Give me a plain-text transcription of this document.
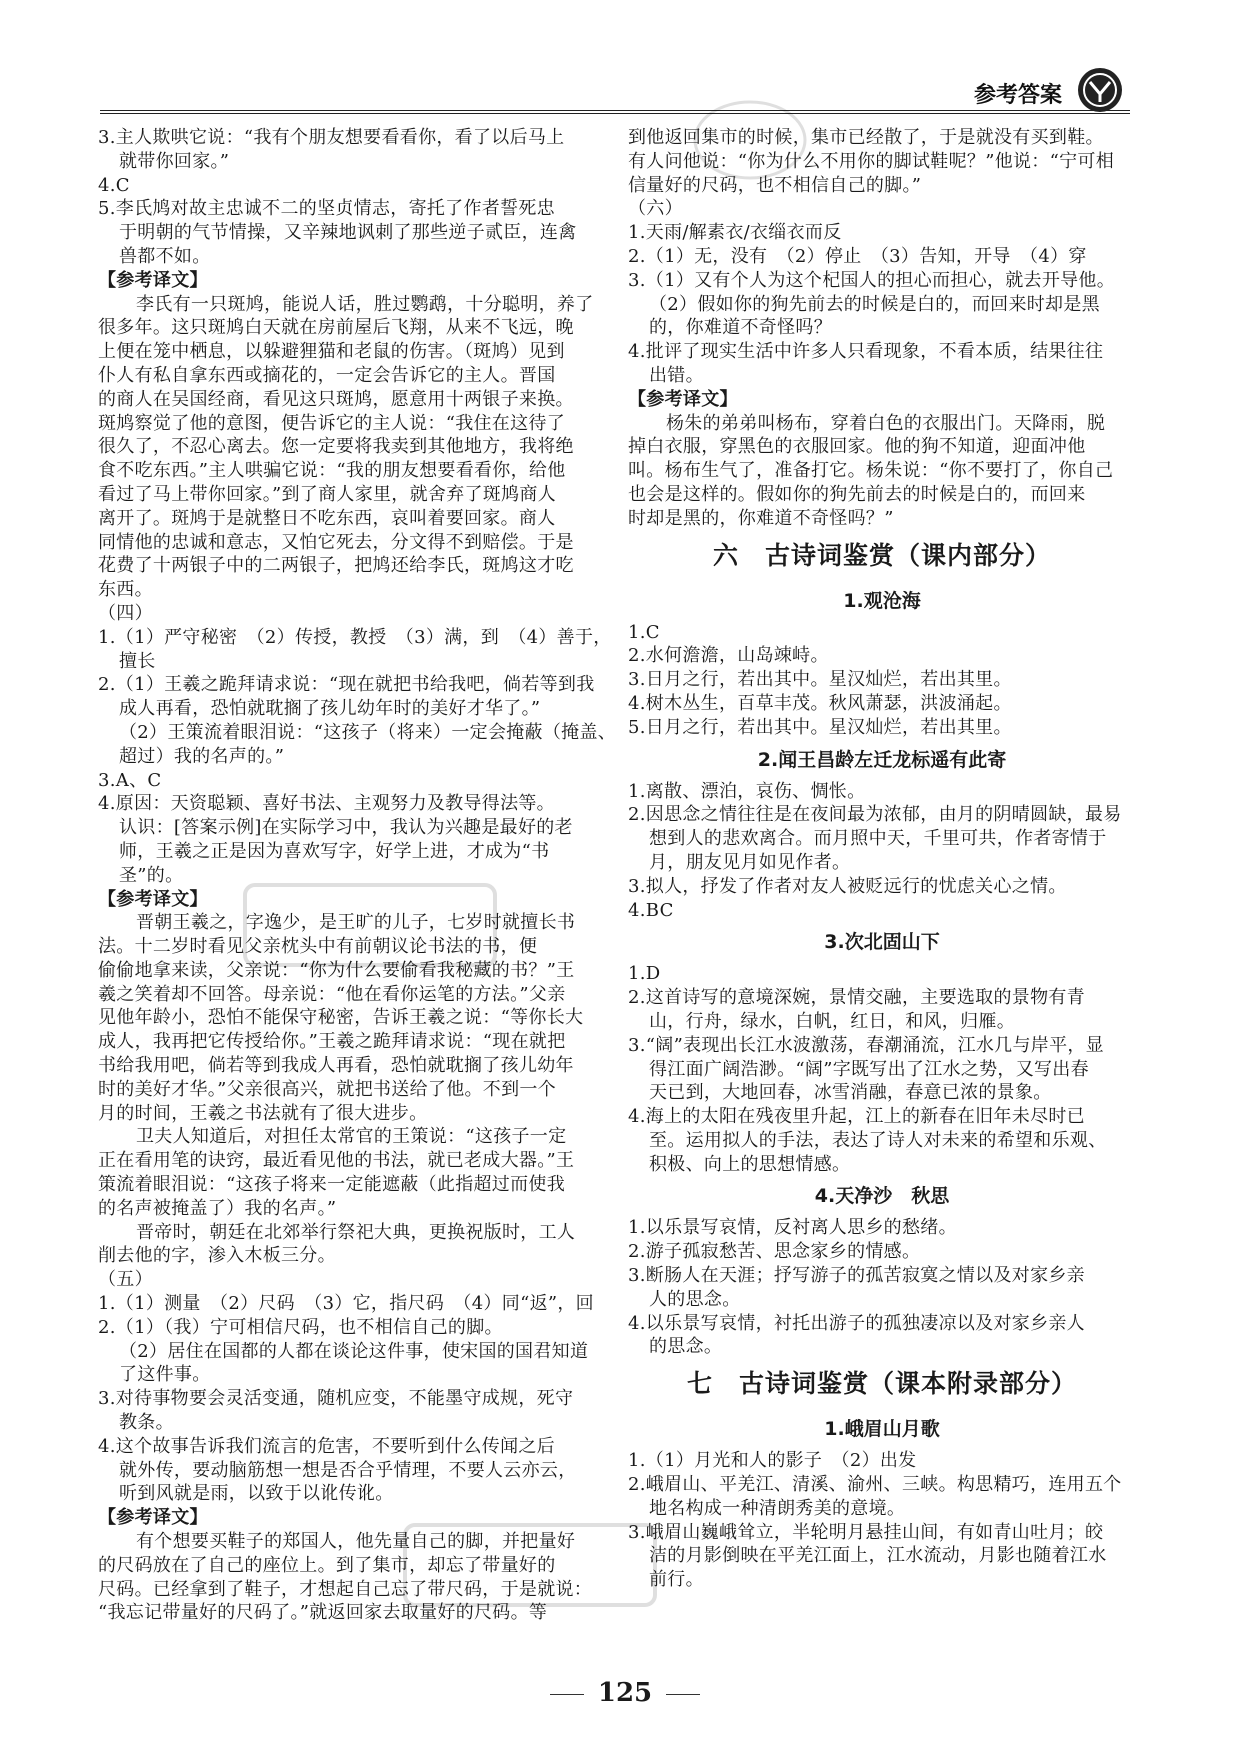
参考答案
3.主人欺哄它说：“我有个朋友想要看看你，看了以后马上
就带你回家。”
4.C
5.李氏鸠对故主忠诚不二的坚贞情志，寄托了作者誓死忠
于明朝的气节情操，又辛辣地讽刺了那些逆子贰臣，连禽
兽都不如。
【参考译文】
李氏有一只斑鸠，能说人话，胜过鹦鹉，十分聪明，养了
很多年。这只斑鸠白天就在房前屋后飞翔，从来不飞远，晚
上便在笼中栖息，以躲避狸猫和老鼠的伤害。（斑鸠）见到
仆人有私自拿东西或摘花的，一定会告诉它的主人。晋国
的商人在吴国经商，看见这只斑鸠，愿意用十两银子来换。
斑鸠察觉了他的意图，便告诉它的主人说：“我住在这待了
很久了，不忍心离去。您一定要将我卖到其他地方，我将绝
食不吃东西。”主人哄骗它说：“我的朋友想要看看你，给他
看过了马上带你回家。”到了商人家里，就舍弃了斑鸠商人
离开了。斑鸠于是就整日不吃东西，哀叫着要回家。商人
同情他的忠诚和意志，又怕它死去，分文得不到赔偿。于是
花费了十两银子中的二两银子，把鸠还给李氏，斑鸠这才吃
东西。
（四）
1.（1）严守秘密　（2）传授，教授　（3）满，到　（4）善于，
擅长
2.（1）王羲之跪拜请求说：“现在就把书给我吧，倘若等到我
成人再看，恐怕就耽搁了孩儿幼年时的美好才华了。”
（2）王策流着眼泪说：“这孩子（将来）一定会掩蔽（掩盖、
超过）我的名声的。”
3.A、C
4.原因：天资聪颖、喜好书法、主观努力及教导得法等。
认识：[答案示例]在实际学习中，我认为兴趣是最好的老
师，王羲之正是因为喜欢写字，好学上进，才成为“书
圣”的。
【参考译文】
晋朝王羲之，字逸少，是王旷的儿子，七岁时就擅长书
法。十二岁时看见父亲枕头中有前朝议论书法的书，便
偷偷地拿来读，父亲说：“你为什么要偷看我秘藏的书？”王
羲之笑着却不回答。母亲说：“他在看你运笔的方法。”父亲
见他年龄小，恐怕不能保守秘密，告诉王羲之说：“等你长大
成人，我再把它传授给你。”王羲之跪拜请求说：“现在就把
书给我用吧，倘若等到我成人再看，恐怕就耽搁了孩儿幼年
时的美好才华。”父亲很高兴，就把书送给了他。不到一个
月的时间，王羲之书法就有了很大进步。
卫夫人知道后，对担任太常官的王策说：“这孩子一定
正在看用笔的诀窍，最近看见他的书法，就已老成大器。”王
策流着眼泪说：“这孩子将来一定能遮蔽（此指超过而使我
的名声被掩盖了）我的名声。”
晋帝时，朝廷在北郊举行祭祀大典，更换祝版时，工人
削去他的字，渗入木板三分。
（五）
1.（1）测量　（2）尺码　（3）它，指尺码　（4）同“返”，回
2.（1）（我）宁可相信尺码，也不相信自己的脚。
（2）居住在国都的人都在谈论这件事，使宋国的国君知道
了这件事。
3.对待事物要会灵活变通，随机应变，不能墨守成规，死守
教条。
4.这个故事告诉我们流言的危害，不要听到什么传闻之后
就外传，要动脑筋想一想是否合乎情理，不要人云亦云，
听到风就是雨，以致于以讹传讹。
【参考译文】
有个想要买鞋子的郑国人，他先量自己的脚，并把量好
的尺码放在了自己的座位上。到了集市，却忘了带量好的
尺码。已经拿到了鞋子，才想起自己忘了带尺码，于是就说：
“我忘记带量好的尺码了。”就返回家去取量好的尺码。等
到他返回集市的时候，集市已经散了，于是就没有买到鞋。
有人问他说：“你为什么不用你的脚试鞋呢？”他说：“宁可相
信量好的尺码，也不相信自己的脚。”
（六）
1.天雨/解素衣/衣缁衣而反
2.（1）无，没有　（2）停止　（3）告知，开导　（4）穿
3.（1）又有个人为这个杞国人的担心而担心，就去开导他。
（2）假如你的狗先前去的时候是白的，而回来时却是黑
的，你难道不奇怪吗？
4.批评了现实生活中许多人只看现象，不看本质，结果往往
出错。
【参考译文】
杨朱的弟弟叫杨布，穿着白色的衣服出门。天降雨，脱
掉白衣服，穿黑色的衣服回家。他的狗不知道，迎面冲他
叫。杨布生气了，准备打它。杨朱说：“你不要打了，你自己
也会是这样的。假如你的狗先前去的时候是白的，而回来
时却是黑的，你难道不奇怪吗？”
六　古诗词鉴赏（课内部分）
1.观沧海
1.C
2.水何澹澹，山岛竦峙。
3.日月之行，若出其中。星汉灿烂，若出其里。
4.树木丛生，百草丰茂。秋风萧瑟，洪波涌起。
5.日月之行，若出其中。星汉灿烂，若出其里。
2.闻王昌龄左迁龙标遥有此寄
1.离散、漂泊，哀伤、惆怅。
2.因思念之情往往是在夜间最为浓郁，由月的阴晴圆缺，最易
想到人的悲欢离合。而月照中天，千里可共，作者寄情于
月，朋友见月如见作者。
3.拟人，抒发了作者对友人被贬远行的忧虑关心之情。
4.BC
3.次北固山下
1.D
2.这首诗写的意境深婉，景情交融，主要选取的景物有青
山，行舟，绿水，白帆，红日，和风，归雁。
3.“阔”表现出长江水波激荡，春潮涌流，江水几与岸平，显
得江面广阔浩渺。“阔”字既写出了江水之势，又写出春
天已到，大地回春，冰雪消融，春意已浓的景象。
4.海上的太阳在残夜里升起，江上的新春在旧年未尽时已
至。运用拟人的手法，表达了诗人对未来的希望和乐观、
积极、向上的思想情感。
4.天净沙　秋思
1.以乐景写哀情，反衬离人思乡的愁绪。
2.游子孤寂愁苦、思念家乡的情感。
3.断肠人在天涯；抒写游子的孤苦寂寞之情以及对家乡亲
人的思念。
4.以乐景写哀情，衬托出游子的孤独凄凉以及对家乡亲人
的思念。
七　古诗词鉴赏（课本附录部分）
1.峨眉山月歌
1.（1）月光和人的影子　（2）出发
2.峨眉山、平羌江、清溪、渝州、三峡。构思精巧，连用五个
地名构成一种清朗秀美的意境。
3.峨眉山巍峨耸立，半轮明月悬挂山间，有如青山吐月；皎
洁的月影倒映在平羌江面上，江水流动，月影也随着江水
前行。
125
